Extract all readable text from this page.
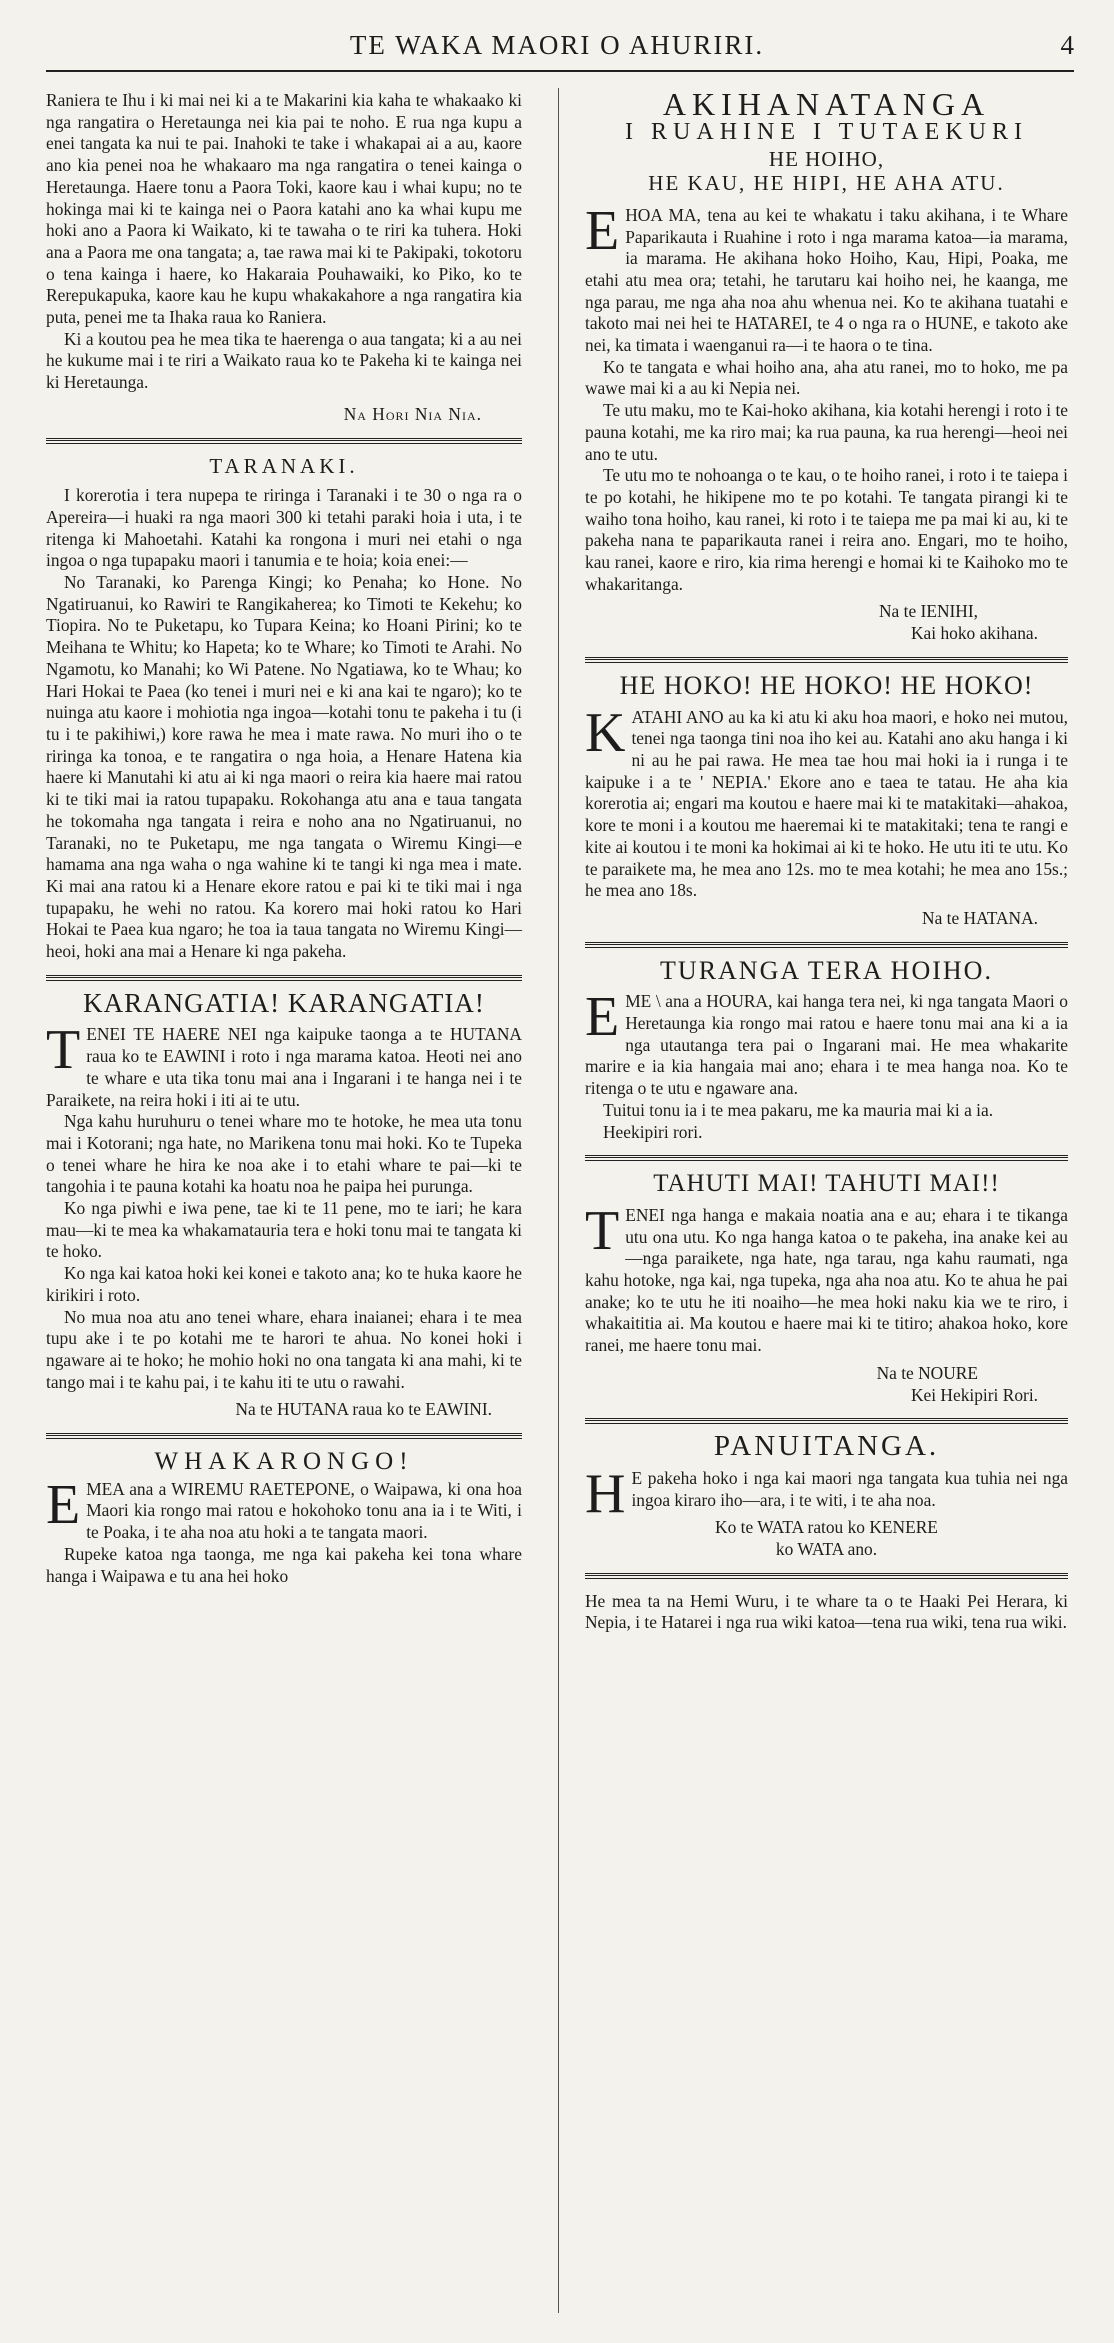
TE WAKA MAORI O AHURIRI.	4

Raniera te Ihu i ki mai nei ki a te Makarini kia kaha te whakaako ki nga rangatira o Heretaunga nei kia pai te noho. E rua nga kupu a enei tangata ka nui te pai. Inahoki te take i whakapai ai a au, kaore ano kia penei noa he whakaaro ma nga rangatira o tenei kainga o Heretaunga. Haere tonu a Paora Toki, kaore kau i whai kupu; no te hokinga mai ki te kainga nei o Paora katahi ano ka whai kupu me hoki ano a Paora ki Waikato, ki te tawaha o te riri ka tuhera. Hoki ana a Paora me ona tangata; a, tae rawa mai ki te Pakipaki, tokotoru o tena kainga i haere, ko Hakaraia Pouhawaiki, ko Piko, ko te Rerepukapuka, kaore kau he kupu whakakahore a nga rangatira kia puta, penei me ta Ihaka raua ko Raniera.

Ki a koutou pea he mea tika te haerenga o aua tangata; ki a au nei he kukume mai i te riri a Waikato raua ko te Pakeha ki te kainga nei ki Heretaunga.

Na Hori Nia Nia.
TARANAKI.

I korerotia i tera nupepa te riringa i Taranaki i te 30 o nga ra o Apereira—i huaki ra nga maori 300 ki tetahi paraki hoia i uta, i te ritenga ki Mahoetahi. Katahi ka rongona i muri nei etahi o nga ingoa o nga tupapaku maori i tanumia e te hoia; koia enei:—

No Taranaki, ko Parenga Kingi; ko Penaha; ko Hone. No Ngatiruanui, ko Rawiri te Rangikaherea; ko Timoti te Kekehu; ko Tiopira. No te Puketapu, ko Tupara Keina; ko Hoani Pirini; ko te Meihana te Whitu; ko Hapeta; ko te Whare; ko Timoti te Arahi. No Ngamotu, ko Manahi; ko Wi Patene. No Ngatiawa, ko te Whau; ko Hari Hokai te Paea (ko tenei i muri nei e ki ana kai te ngaro); ko te nuinga atu kaore i mohiotia nga ingoa—kotahi tonu te pakeha i tu (i tu i te pakihiwi,) kore rawa he mea i mate rawa. No muri iho o te riringa ka tonoa, e te rangatira o nga hoia, a Henare Hatena kia haere ki Manutahi ki atu ai ki nga maori o reira kia haere mai ratou ki te tiki mai ia ratou tupapaku. Rokohanga atu ana e taua tangata he tokomaha nga tangata i reira e noho ana no Ngatiruanui, no Taranaki, no te Puketapu, me nga tangata o Wiremu Kingi—e hamama ana nga waha o nga wahine ki te tangi ki nga mea i mate. Ki mai ana ratou ki a Henare ekore ratou e pai ki te tiki mai i nga tupapaku, he wehi no ratou. Ka korero mai hoki ratou ko Hari Hokai te Paea kua ngaro; he toa ia taua tangata no Wiremu Kingi—heoi, hoki ana mai a Henare ki nga pakeha.

KARANGATIA! KARANGATIA!

TENEI TE HAERE NEI nga kaipuke taonga a te HUTANA raua ko te EAWINI i roto i nga marama katoa. Heoti nei ano te whare e uta tika tonu mai ana i Ingarani i te hanga nei i te Paraikete, na reira hoki i iti ai te utu.

Nga kahu huruhuru o tenei whare mo te hotoke, he mea uta tonu mai i Kotorani; nga hate, no Marikena tonu mai hoki. Ko te Tupeka o tenei whare he hira ke noa ake i to etahi whare te pai—ki te tangohia i te pauna kotahi ka hoatu noa he paipa hei purunga.

Ko nga piwhi e iwa pene, tae ki te 11 pene, mo te iari; he kara mau—ki te mea ka whakamatauria tera e hoki tonu mai te tangata ki te hoko.

Ko nga kai katoa hoki kei konei e takoto ana; ko te huka kaore he kirikiri i roto.

No mua noa atu ano tenei whare, ehara inaianei; ehara i te mea tupu ake i te po kotahi me te harori te ahua. No konei hoki i ngaware ai te hoko; he mohio hoki no ona tangata ki ana mahi, ki te tango mai i te kahu pai, i te kahu iti te utu o rawahi.

Na te HUTANA raua ko te EAWINI.
WHAKARONGO!

EMEA ana a WIREMU RAETEPONE, o Waipawa, ki ona hoa Maori kia rongo mai ratou e hokohoko tonu ana ia i te Witi, i te Poaka, i te aha noa atu hoki a te tangata maori.

Rupeke katoa nga taonga, me nga kai pakeha kei tona whare hanga i Waipawa e tu ana hei hoko

AKIHANATANGA
I RUAHINE I TUTAEKURI
HE HOIHO,
HE KAU, HE HIPI, HE AHA ATU.

EHOA MA, tena au kei te whakatu i taku akihana, i te Whare Paparikauta i Ruahine i roto i nga marama katoa—ia marama, ia marama. He akihana hoko Hoiho, Kau, Hipi, Poaka, me etahi atu mea ora; tetahi, he tarutaru kai hoiho nei, he kaanga, me nga parau, me nga aha noa ahu whenua nei. Ko te akihana tuatahi e takoto mai nei hei te HATAREI, te 4 o nga ra o HUNE, e takoto ake nei, ka timata i waenganui ra—i te haora o te tina.

Ko te tangata e whai hoiho ana, aha atu ranei, mo to hoko, me pa wawe mai ki a au ki Nepia nei.

Te utu maku, mo te Kai-hoko akihana, kia kotahi herengi i roto i te pauna kotahi, me ka riro mai; ka rua pauna, ka rua herengi—heoi nei ano te utu.

Te utu mo te nohoanga o te kau, o te hoiho ranei, i roto i te taiepa i te po kotahi, he hikipene mo te po kotahi. Te tangata pirangi ki te waiho tona hoiho, kau ranei, ki roto i te taiepa me pa mai ki au, ki te pakeha nana te paparikauta ranei i reira ano. Engari, mo te hoiho, kau ranei, kaore e riro, kia rima herengi e homai ki te Kaihoko mo te whakaritanga.

Na te IENIHI,
Kai hoko akihana.
HE HOKO! HE HOKO! HE HOKO!

KATAHI ANO au ka ki atu ki aku hoa maori, e hoko nei mutou, tenei nga taonga tini noa iho kei au. Katahi ano aku hanga i ki ni au he pai rawa. He mea tae hou mai hoki ia i runga i te kaipuke i a te ' NEPIA.' Ekore ano e taea te tatau. He aha kia korerotia ai; engari ma koutou e haere mai ki te matakitaki—ahakoa, kore te moni i a koutou me haeremai ki te matakitaki; tena te rangi e kite ai koutou i te moni ka hokimai ai ki te hoko. He utu iti te utu. Ko te paraikete ma, he mea ano 12s. mo te mea kotahi; he mea ano 15s.; he mea ano 18s.

Na te HATANA.
TURANGA TERA HOIHO.

EME \ ana a HOURA, kai hanga tera nei, ki nga tangata Maori o Heretaunga kia rongo mai ratou e haere tonu mai ana ki a ia nga utautanga tera pai o Ingarani mai. He mea whakarite marire e ia kia hangaia mai ano; ehara i te mea hanga noa. Ko te ritenga o te utu e ngaware ana.

Tuitui tonu ia i te mea pakaru, me ka mauria mai ki a ia.

Heekipiri rori.

TAHUTI MAI! TAHUTI MAI!!

TENEI nga hanga e makaia noatia ana e au; ehara i te tikanga utu ona utu. Ko nga hanga katoa o te pakeha, ina anake kei au—nga paraikete, nga hate, nga tarau, nga kahu raumati, nga kahu hotoke, nga kai, nga tupeka, nga aha noa atu. Ko te ahua he pai anake; ko te utu he iti noaiho—he mea hoki naku kia we te riro, i whakaititia ai. Ma koutou e haere mai ki te titiro; ahakoa hoko, kore ranei, me haere tonu mai.

Na te NOURE
Kei Hekipiri Rori.
PANUITANGA.

H E pakeha hoko i nga kai maori nga tangata kua tuhia nei nga ingoa kiraro iho—ara, i te witi, i te aha noa.

Ko te WATA ratou ko KENERE
ko WATA ano.

He mea ta na Hemi Wuru, i te whare ta o te Haaki Pei Herara, ki Nepia, i te Hatarei i nga rua wiki katoa—tena rua wiki, tena rua wiki.
